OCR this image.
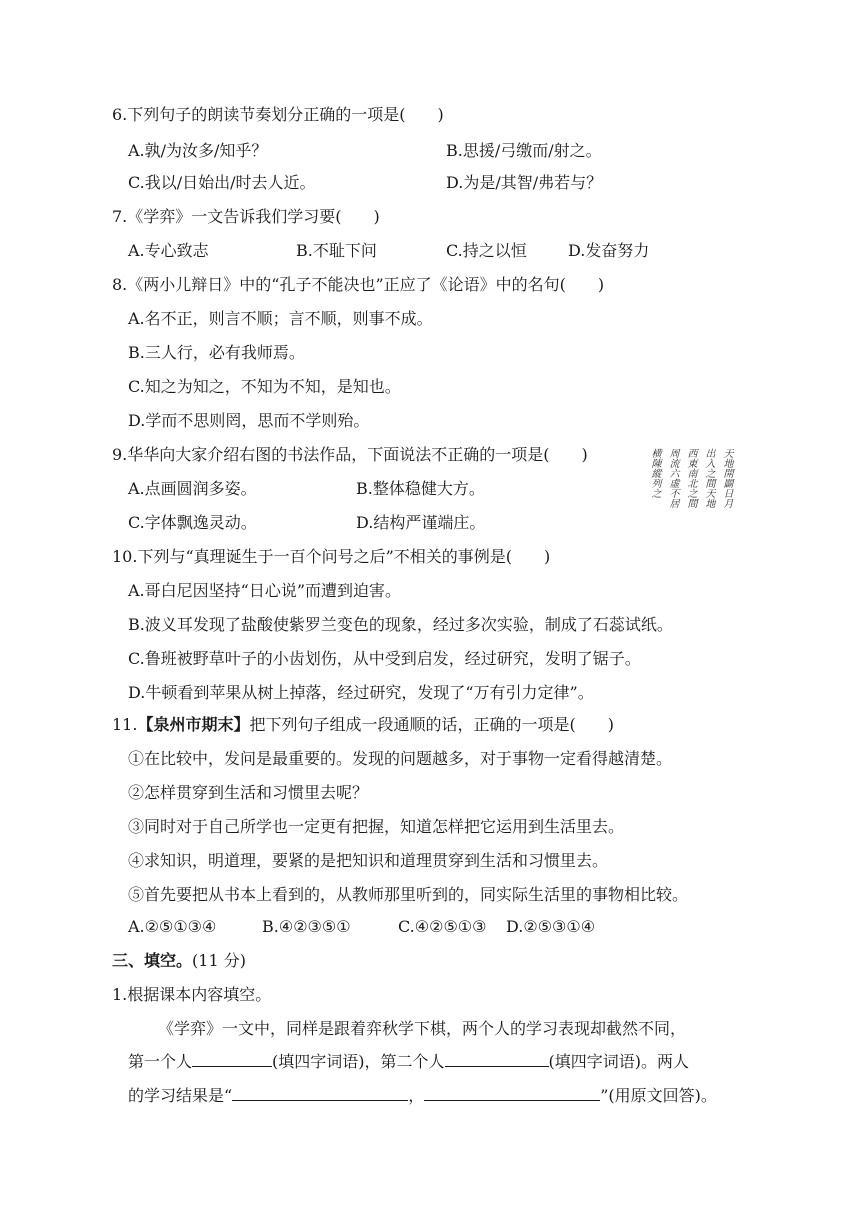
6.下列句子的朗读节奏划分正确的一项是(　　)
A.孰/为汝多/知乎？	B.思援/弓缴而/射之。
C.我以/日始出/时去人近。	D.为是/其智/弗若与？
7.《学弈》一文告诉我们学习要(　　)
A.专心致志	B.不耻下问	C.持之以恒	D.发奋努力
8.《两小儿辩日》中的“孔子不能决也”正应了《论语》中的名句(　　)
A.名不正，则言不顺；言不顺，则事不成。
B.三人行，必有我师焉。
C.知之为知之，不知为不知，是知也。
D.学而不思则罔，思而不学则殆。
9.华华向大家介绍右图的书法作品，下面说法不正确的一项是(　　)
A.点画圆润多姿。	B.整体稳健大方。
C.字体飘逸灵动。	D.结构严谨端庄。
天地開闢日月
出入之間天地
西東南北之間
周流六虛不居
横陳縱列之
10.下列与“真理诞生于一百个问号之后”不相关的事例是(　　)
A.哥白尼因坚持“日心说”而遭到迫害。
B.波义耳发现了盐酸使紫罗兰变色的现象，经过多次实验，制成了石蕊试纸。
C.鲁班被野草叶子的小齿划伤，从中受到启发，经过研究，发明了锯子。
D.牛顿看到苹果从树上掉落，经过研究，发现了“万有引力定律”。
11.【泉州市期末】把下列句子组成一段通顺的话，正确的一项是(　　)
①在比较中，发问是最重要的。发现的问题越多，对于事物一定看得越清楚。
②怎样贯穿到生活和习惯里去呢？
③同时对于自己所学也一定更有把握，知道怎样把它运用到生活里去。
④求知识，明道理，要紧的是把知识和道理贯穿到生活和习惯里去。
⑤首先要把从书本上看到的，从教师那里听到的，同实际生活里的事物相比较。
A.②⑤①③④	B.④②③⑤①	C.④②⑤①③ D.②⑤③①④
三、填空。(11 分)
1.根据课本内容填空。
《学弈》一文中，同样是跟着弈秋学下棋，两个人的学习表现却截然不同，
第一个人	(填四字词语)，第二个人	(填四字词语)。两人
的学习结果是“	，	”(用原文回答)。
